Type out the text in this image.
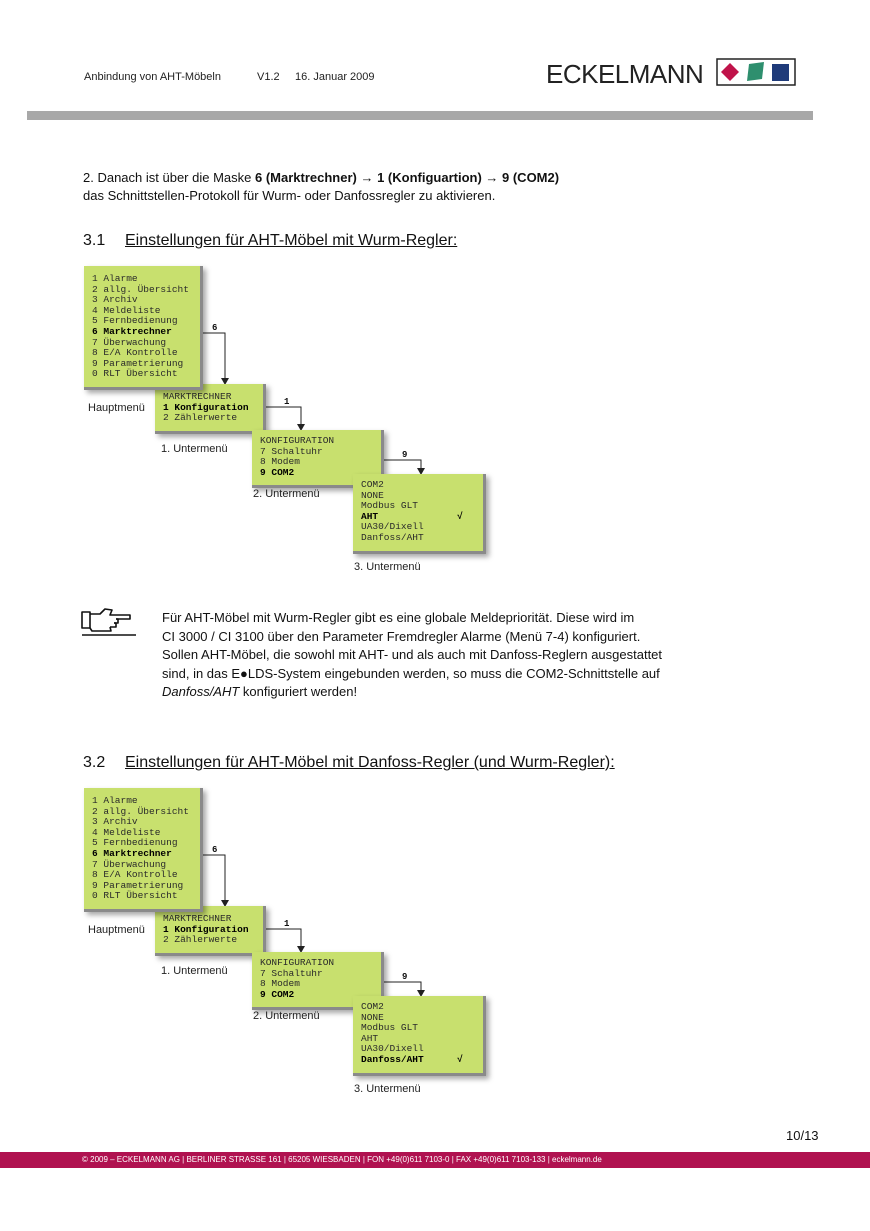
Anbindung von AHT-Möbeln	V1.2 16. Januar 2009	ECKELMANN
2. Danach ist über die Maske 6 (Marktrechner) → 1 (Konfiguartion) → 9 (COM2)
das Schnittstellen-Protokoll für Wurm- oder Danfossregler zu aktivieren.
3.1 Einstellungen für AHT-Möbel mit Wurm-Regler:
6
1
9
MARKTRECHNER
1 Konfiguration
2 Zählerwerte
1 Alarme
2 allg. Übersicht
3 Archiv
4 Meldeliste
5 Fernbedienung
6 Marktrechner
7 Überwachung
8 E/A Kontrolle
9 Parametrierung
0 RLT Übersicht
KONFIGURATION
7 Schaltuhr
8 Modem
9 COM2
COM2
NONE
Modbus GLT
AHT	√
UA30/Dixell
Danfoss/AHT
Hauptmenü
1. Untermenü
2. Untermenü
3. Untermenü
Für AHT-Möbel mit Wurm-Regler gibt es eine globale Meldepriorität. Diese wird im
CI 3000 / CI 3100 über den Parameter Fremdregler Alarme (Menü 7-4) konfiguriert.
Sollen AHT-Möbel, die sowohl mit AHT- und als auch mit Danfoss-Reglern ausgestattet
sind, in das E●LDS-System eingebunden werden, so muss die COM2-Schnittstelle auf
Danfoss/AHT konfiguriert werden!
3.2 Einstellungen für AHT-Möbel mit Danfoss-Regler (und Wurm-Regler):
6
1
9
MARKTRECHNER
1 Konfiguration
2 Zählerwerte
1 Alarme
2 allg. Übersicht
3 Archiv
4 Meldeliste
5 Fernbedienung
6 Marktrechner
7 Überwachung
8 E/A Kontrolle
9 Parametrierung
0 RLT Übersicht
KONFIGURATION
7 Schaltuhr
8 Modem
9 COM2
COM2
NONE
Modbus GLT
AHT
UA30/Dixell
Danfoss/AHT	√
Hauptmenü
1. Untermenü
2. Untermenü
3. Untermenü
10/13
© 2009 – ECKELMANN AG | BERLINER STRASSE 161 | 65205 WIESBADEN | FON +49(0)611 7103-0 | FAX +49(0)611 7103-133 | eckelmann.de
